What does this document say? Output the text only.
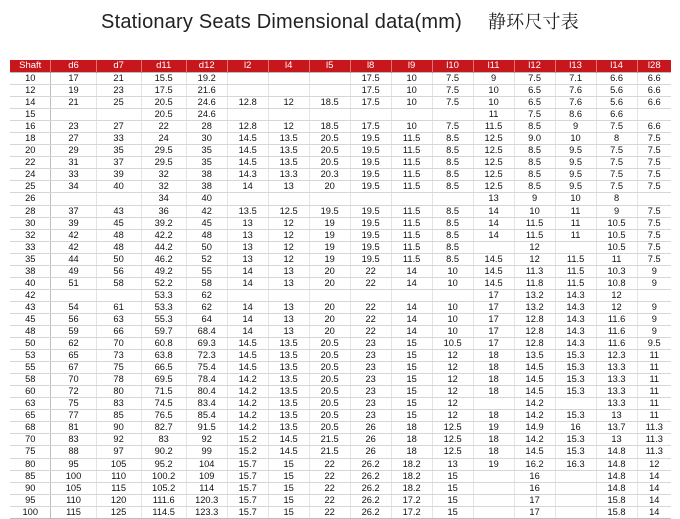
Stationary Seats Dimensional data(mm) 静环尺寸表
Shaft	d6	d7	d11	d12	l2	l4	l5	l8	l9	l10	l11	l12	l13	l14	l28
10	17	21	15.5	19.2				17.5	10	7.5	9	7.5	7.1	6.6	6.6
12	19	23	17.5	21.6				17.5	10	7.5	10	6.5	7.6	5.6	6.6
14	21	25	20.5	24.6	12.8	12	18.5	17.5	10	7.5	10	6.5	7.6	5.6	6.6
15			20.5	24.6							11	7.5	8.6	6.6	
16	23	27	22	28	12.8	12	18.5	17.5	10	7.5	11.5	8.5	9	7.5	6.6
18	27	33	24	30	14.5	13.5	20.5	19.5	11.5	8.5	12.5	9.0	10	8	7.5
20	29	35	29.5	35	14.5	13.5	20.5	19.5	11.5	8.5	12.5	8.5	9.5	7.5	7.5
22	31	37	29.5	35	14.5	13.5	20.5	19.5	11.5	8.5	12.5	8.5	9.5	7.5	7.5
24	33	39	32	38	14.3	13.3	20.3	19.5	11.5	8.5	12.5	8.5	9.5	7.5	7.5
25	34	40	32	38	14	13	20	19.5	11.5	8.5	12.5	8.5	9.5	7.5	7.5
26			34	40							13	9	10	8	
28	37	43	36	42	13.5	12.5	19.5	19.5	11.5	8.5	14	10	11	9	7.5
30	39	45	39.2	45	13	12	19	19.5	11.5	8.5	14	11.5	11	10.5	7.5
32	42	48	42.2	48	13	12	19	19.5	11.5	8.5	14	11.5	11	10.5	7.5
33	42	48	44.2	50	13	12	19	19.5	11.5	8.5		12		10.5	7.5
35	44	50	46.2	52	13	12	19	19.5	11.5	8.5	14.5	12	11.5	11	7.5
38	49	56	49.2	55	14	13	20	22	14	10	14.5	11.3	11.5	10.3	9
40	51	58	52.2	58	14	13	20	22	14	10	14.5	11.8	11.5	10.8	9
42			53.3	62							17	13.2	14.3	12	
43	54	61	53.3	62	14	13	20	22	14	10	17	13.2	14.3	12	9
45	56	63	55.3	64	14	13	20	22	14	10	17	12.8	14.3	11.6	9
48	59	66	59.7	68.4	14	13	20	22	14	10	17	12.8	14.3	11.6	9
50	62	70	60.8	69.3	14.5	13.5	20.5	23	15	10.5	17	12.8	14.3	11.6	9.5
53	65	73	63.8	72.3	14.5	13.5	20.5	23	15	12	18	13.5	15.3	12.3	11
55	67	75	66.5	75.4	14.5	13.5	20.5	23	15	12	18	14.5	15.3	13.3	11
58	70	78	69.5	78.4	14.2	13.5	20.5	23	15	12	18	14.5	15.3	13.3	11
60	72	80	71.5	80.4	14.2	13.5	20.5	23	15	12	18	14.5	15.3	13.3	11
63	75	83	74.5	83.4	14.2	13.5	20.5	23	15	12		14.2		13.3	11
65	77	85	76.5	85.4	14.2	13.5	20.5	23	15	12	18	14.2	15.3	13	11
68	81	90	82.7	91.5	14.2	13.5	20.5	26	18	12.5	19	14.9	16	13.7	11.3
70	83	92	83	92	15.2	14.5	21.5	26	18	12.5	18	14.2	15.3	13	11.3
75	88	97	90.2	99	15.2	14.5	21.5	26	18	12.5	18	14.5	15.3	14.8	11.3
80	95	105	95.2	104	15.7	15	22	26.2	18.2	13	19	16.2	16.3	14.8	12
85	100	110	100.2	109	15.7	15	22	26.2	18.2	15		16		14.8	14
90	105	115	105.2	114	15.7	15	22	26.2	18.2	15		16		14.8	14
95	110	120	111.6	120.3	15.7	15	22	26.2	17.2	15		17		15.8	14
100	115	125	114.5	123.3	15.7	15	22	26.2	17.2	15		17		15.8	14
